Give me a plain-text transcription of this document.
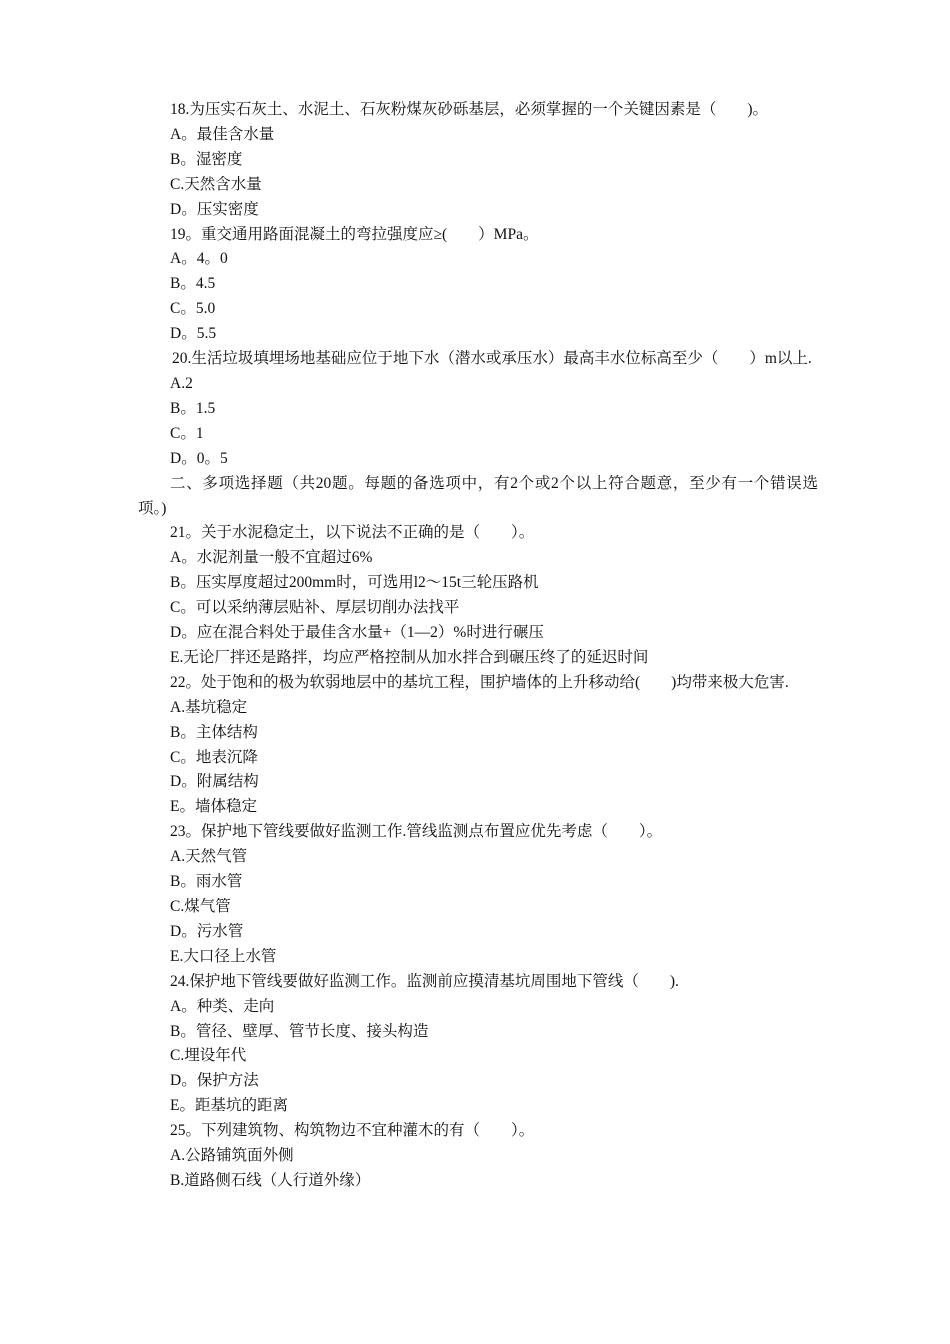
18.为压实石灰土、水泥土、石灰粉煤灰砂砾基层，必须掌握的一个关键因素是（　　)。
A。最佳含水量
B。湿密度
C.天然含水量
D。压实密度
19。重交通用路面混凝土的弯拉强度应≥(　　）MPa。
A。4。0
B。4.5
C。5.0
D。5.5
20.生活垃圾填埋场地基础应位于地下水（潜水或承压水）最高丰水位标高至少（　　）m以上.
A.2
B。1.5
C。1
D。0。5
二、多项选择题（共20题。每题的备选项中，有2个或2个以上符合题意，至少有一个错误选项。)
21。关于水泥稳定土，以下说法不正确的是（　　）。
A。水泥剂量一般不宜超过6%
B。压实厚度超过200mm时，可选用l2～15t三轮压路机
C。可以采纳薄层贴补、厚层切削办法找平
D。应在混合料处于最佳含水量+（1—2）%时进行碾压
E.无论厂拌还是路拌，均应严格控制从加水拌合到碾压终了的延迟时间
22。处于饱和的极为软弱地层中的基坑工程，围护墙体的上升移动给(　　)均带来极大危害.
A.基坑稳定
B。主体结构
C。地表沉降
D。附属结构
E。墙体稳定
23。保护地下管线要做好监测工作.管线监测点布置应优先考虑（　　）。
A.天然气管
B。雨水管
C.煤气管
D。污水管
E.大口径上水管
24.保护地下管线要做好监测工作。监测前应摸清基坑周围地下管线（　　).
A。种类、走向
B。管径、壁厚、管节长度、接头构造
C.埋设年代
D。保护方法
E。距基坑的距离
25。下列建筑物、构筑物边不宜种灌木的有（　　）。
A.公路铺筑面外侧
B.道路侧石线（人行道外缘）
